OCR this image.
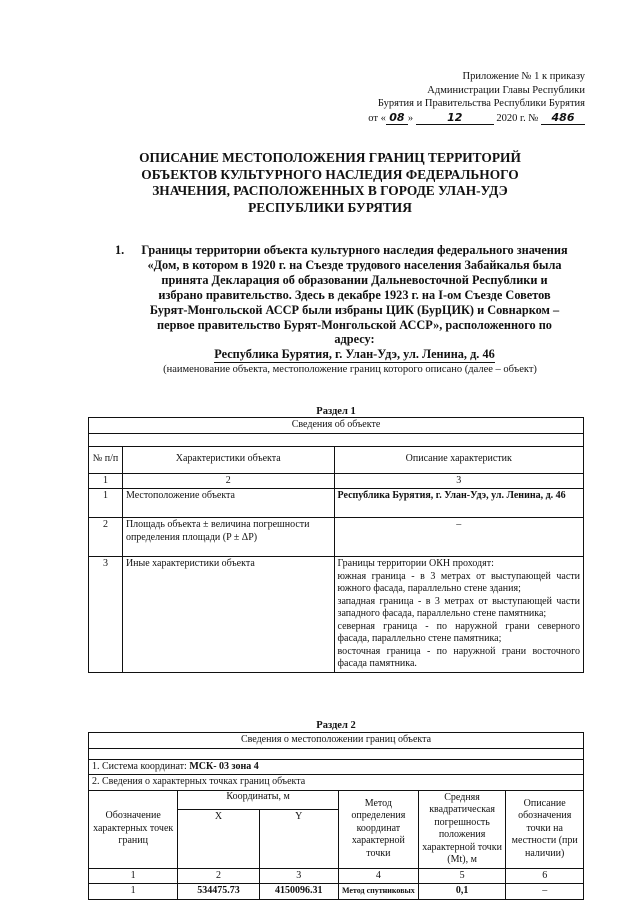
Приложение № 1 к приказу
Администрации Главы Республики
Бурятия и Правительства Республики Бурятия
от « 08 »	12	2020 г. № 486
ОПИСАНИЕ МЕСТОПОЛОЖЕНИЯ ГРАНИЦ ТЕРРИТОРИЙ ОБЪЕКТОВ КУЛЬТУРНОГО НАСЛЕДИЯ ФЕДЕРАЛЬНОГО ЗНАЧЕНИЯ, РАСПОЛОЖЕННЫХ В ГОРОДЕ УЛАН-УДЭ РЕСПУБЛИКИ БУРЯТИЯ
1. Границы территории объекта культурного наследия федерального значения «Дом, в котором в 1920 г. на Съезде трудового населения Забайкалья была принята Декларация об образовании Дальневосточной Республики и избрано правительство. Здесь в декабре 1923 г. на I-ом Съезде Советов Бурят-Монгольской АССР были избраны ЦИК (БурЦИК) и Совнарком – первое правительство Бурят-Монгольской АССР», расположенного по адресу:
Республика Бурятия, г. Улан-Удэ, ул. Ленина, д. 46
(наименование объекта, местоположение границ которого описано (далее – объект)
Раздел 1
Сведения об объекте		

№ п/п	Характеристики объекта	Описание характеристик
1	2	3
1	Местоположение объекта	Республика Бурятия, г. Улан-Удэ, ул. Ленина, д. 46
2	Площадь объекта ± величина погрешности определения площади (P ± ΔP)	–
3	Иные характеристики объекта	Границы территории ОКН проходят:
южная граница - в 3 метрах от выступающей части южного фасада, параллельно стене здания;
западная граница - в 3 метрах от выступающей части западного фасада, параллельно стене памятника;
северная граница - по наружной грани северного фасада, параллельно стене памятника;
восточная граница - по наружной грани восточного фасада памятника.
Раздел 2
Сведения о местоположении границ объекта					

1. Система координат: МСК- 03 зона 4					
2. Сведения о характерных точках границ объекта					
Обозначение характерных точек границ	Координаты, м		Метод определения координат характерной точки	Средняя квадратическая погрешность положения характерной точки (Mt), м	Описание обозначения точки на местности (при наличии)
	X	Y			
1	2	3	4	5	6
1	534475.73	4150096.31	Метод спутниковых	0,1	–
